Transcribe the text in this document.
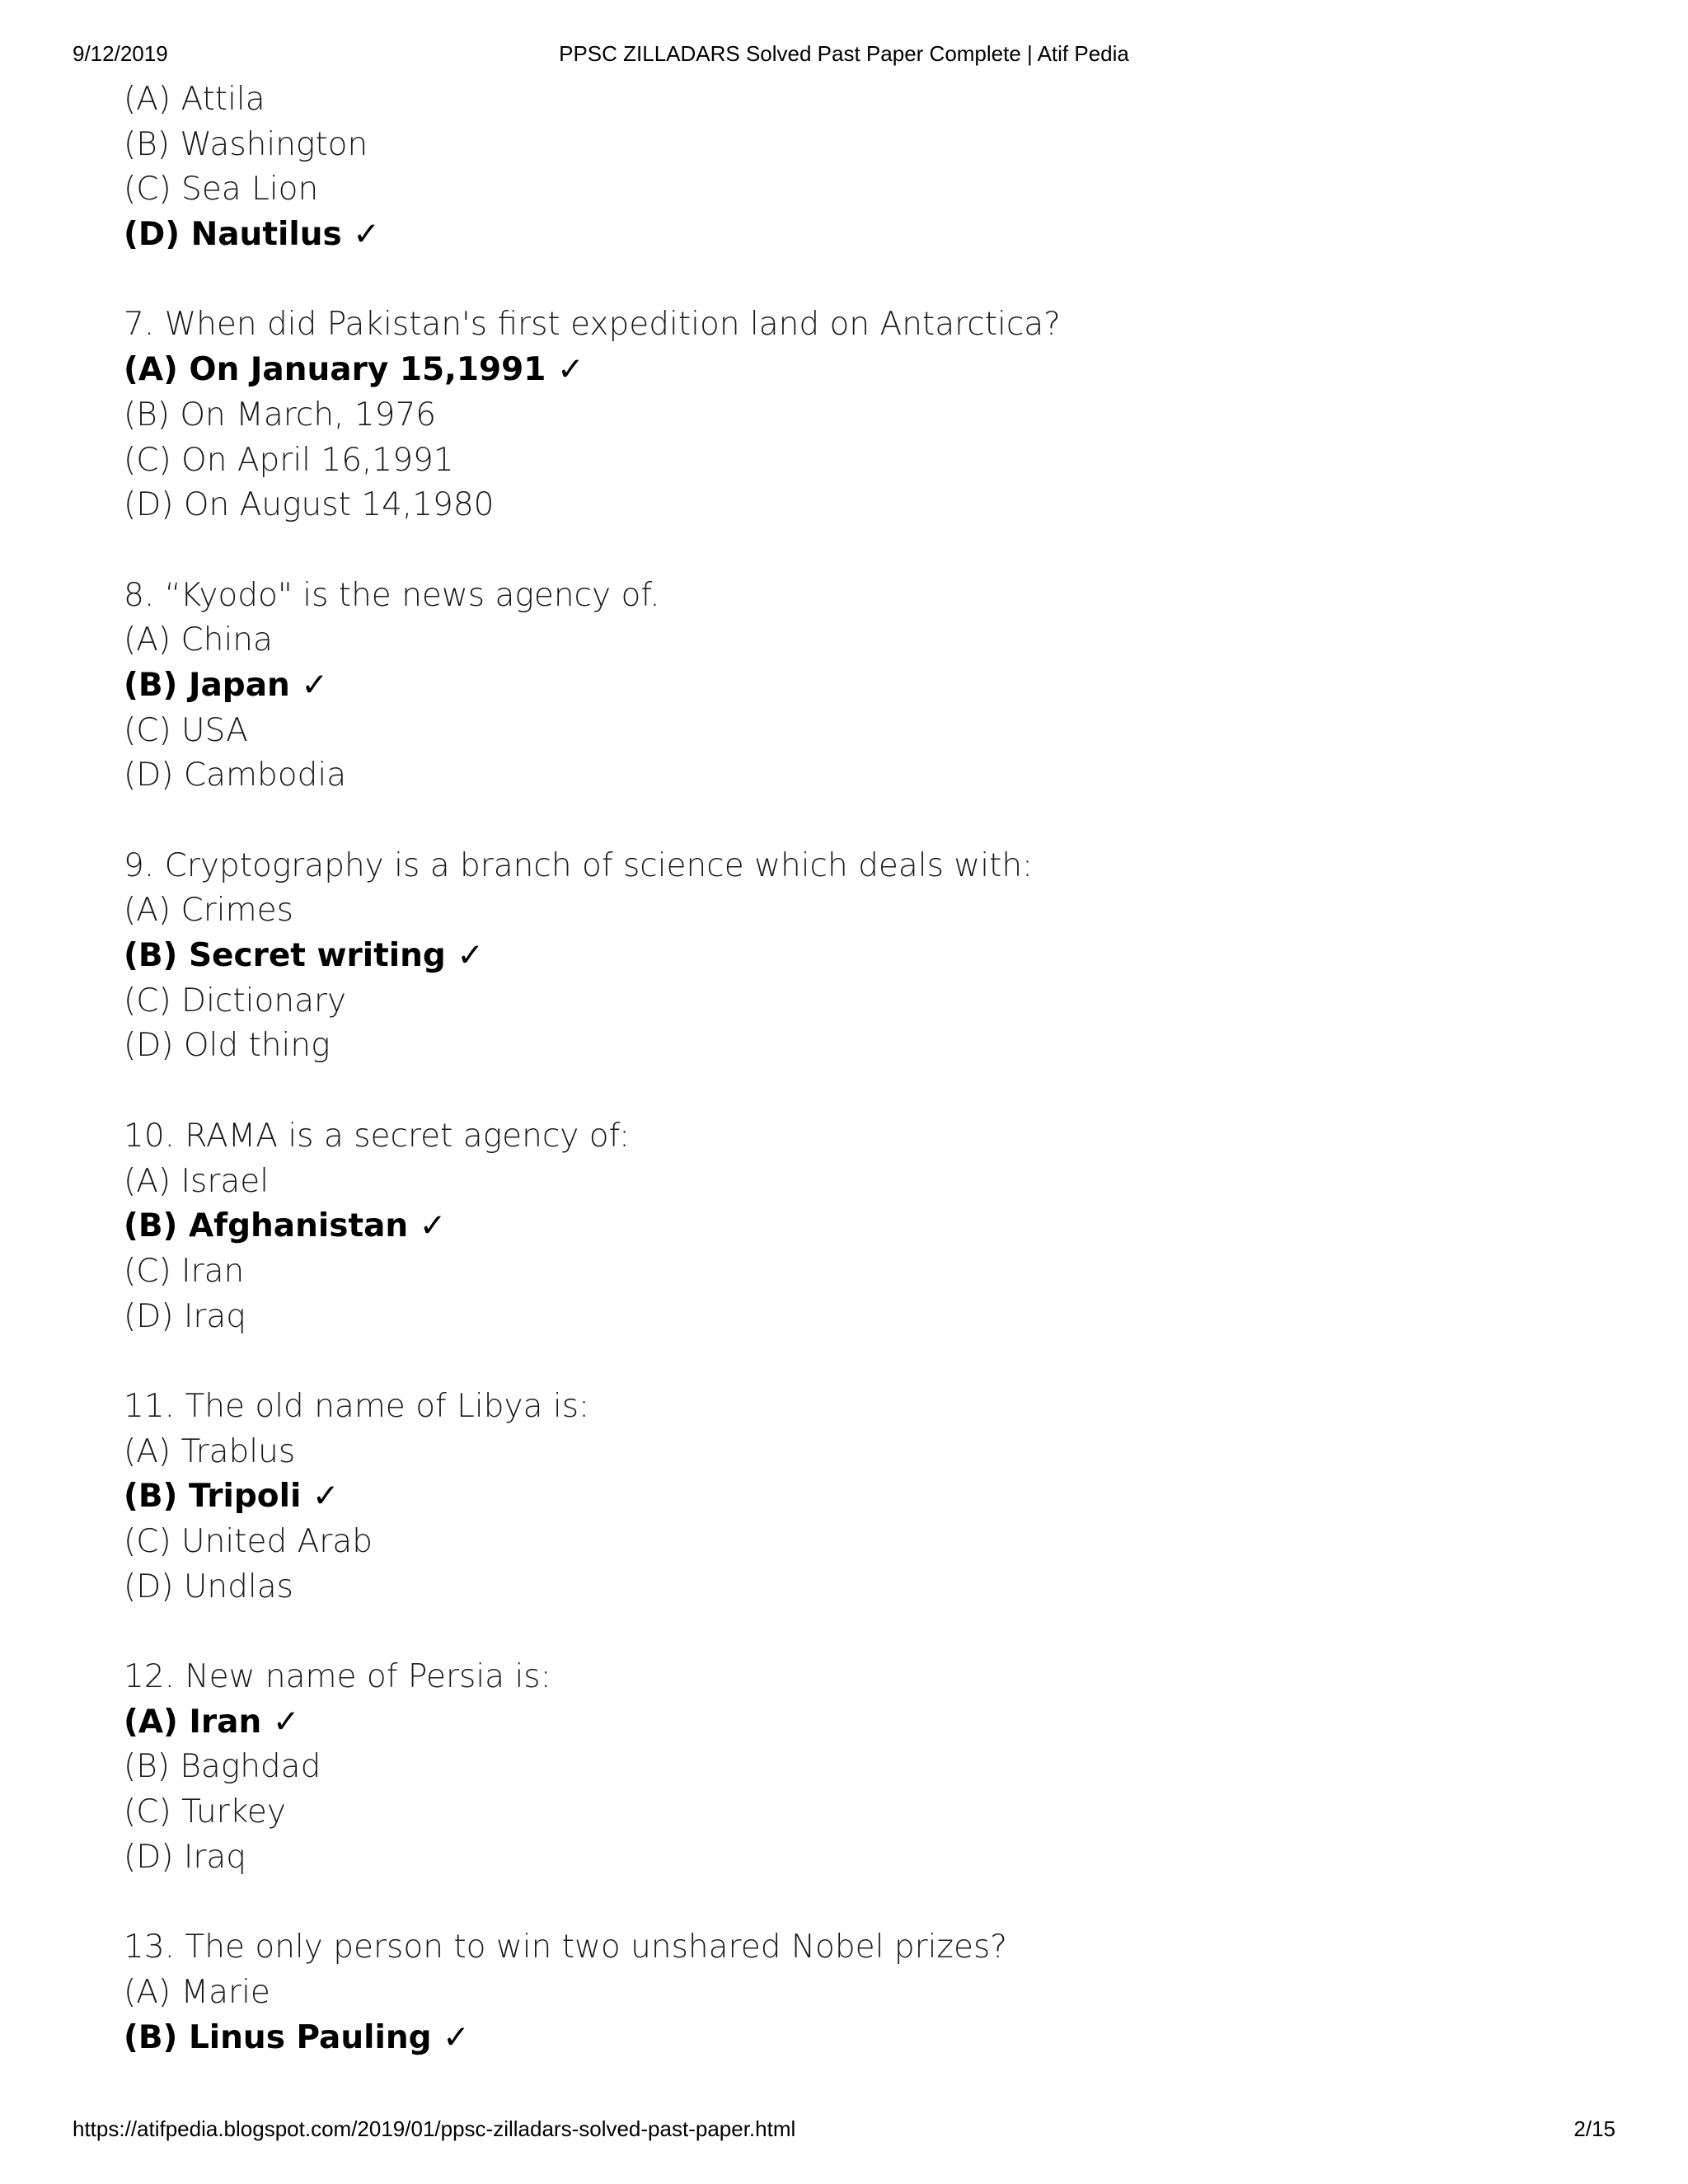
9/12/2019	PPSC ZILLADARS Solved Past Paper Complete | Atif Pedia
(A) Attila
(B) Washington
(C) Sea Lion
(D) Nautilus ✓
7. When did Pakistan's first expedition land on Antarctica?
(A) On January 15,1991 ✓
(B) On March, 1976
(C) On April 16,1991
(D) On August 14,1980
8. “Kyodo" is the news agency of.
(A) China
(B) Japan ✓
(C) USA
(D) Cambodia
9. Cryptography is a branch of science which deals with:
(A) Crimes
(B) Secret writing ✓
(C) Dictionary
(D) Old thing
10. RAMA is a secret agency of:
(A) Israel
(B) Afghanistan ✓
(C) Iran
(D) Iraq
11. The old name of Libya is:
(A) Trablus
(B) Tripoli ✓
(C) United Arab
(D) Undlas
12. New name of Persia is:
(A) Iran ✓
(B) Baghdad
(C) Turkey
(D) Iraq
13. The only person to win two unshared Nobel prizes?
(A) Marie
(B) Linus Pauling ✓
https://atifpedia.blogspot.com/2019/01/ppsc-zilladars-solved-past-paper.html	2/15
